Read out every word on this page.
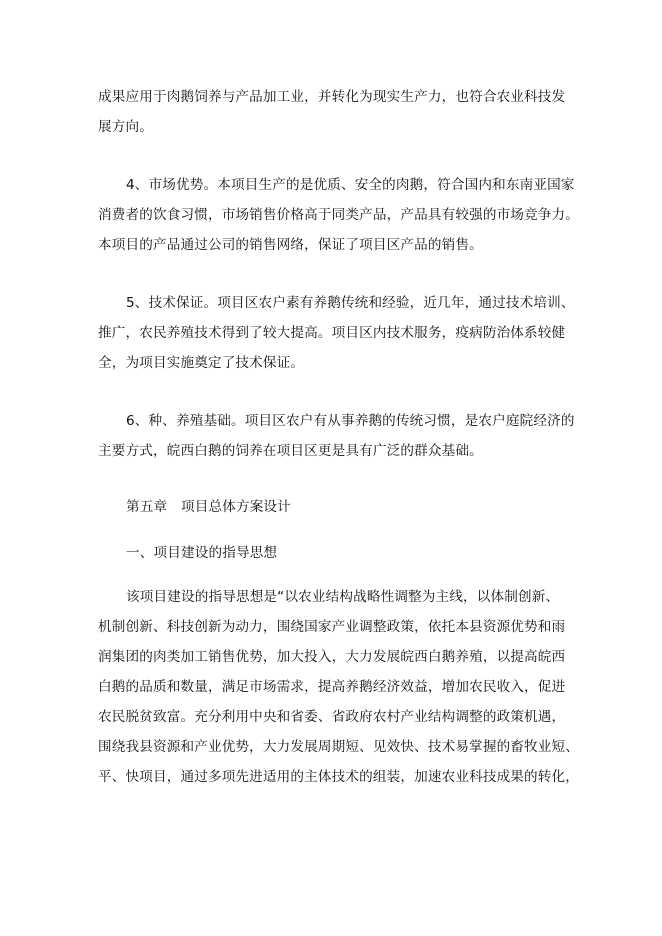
成果应用于肉鹅饲养与产品加工业，并转化为现实生产力，也符合农业科技发
展方向。
4、市场优势。本项目生产的是优质、安全的肉鹅，符合国内和东南亚国家
消费者的饮食习惯，市场销售价格高于同类产品，产品具有较强的市场竞争力。
本项目的产品通过公司的销售网络，保证了项目区产品的销售。
5、技术保证。项目区农户素有养鹅传统和经验，近几年，通过技术培训、
推广，农民养殖技术得到了较大提高。项目区内技术服务，疫病防治体系较健
全，为项目实施奠定了技术保证。
6、种、养殖基础。项目区农户有从事养鹅的传统习惯，是农户庭院经济的
主要方式，皖西白鹅的饲养在项目区更是具有广泛的群众基础。
第五章　项目总体方案设计
一、项目建设的指导思想
该项目建设的指导思想是“以农业结构战略性调整为主线，以体制创新、
机制创新、科技创新为动力，围绕国家产业调整政策，依托本县资源优势和雨
润集团的肉类加工销售优势，加大投入，大力发展皖西白鹅养殖，以提高皖西
白鹅的品质和数量，满足市场需求，提高养鹅经济效益，增加农民收入，促进
农民脱贫致富。充分利用中央和省委、省政府农村产业结构调整的政策机遇，
围绕我县资源和产业优势，大力发展周期短、见效快、技术易掌握的畜牧业短、
平、快项目，通过多项先进适用的主体技术的组装，加速农业科技成果的转化，
